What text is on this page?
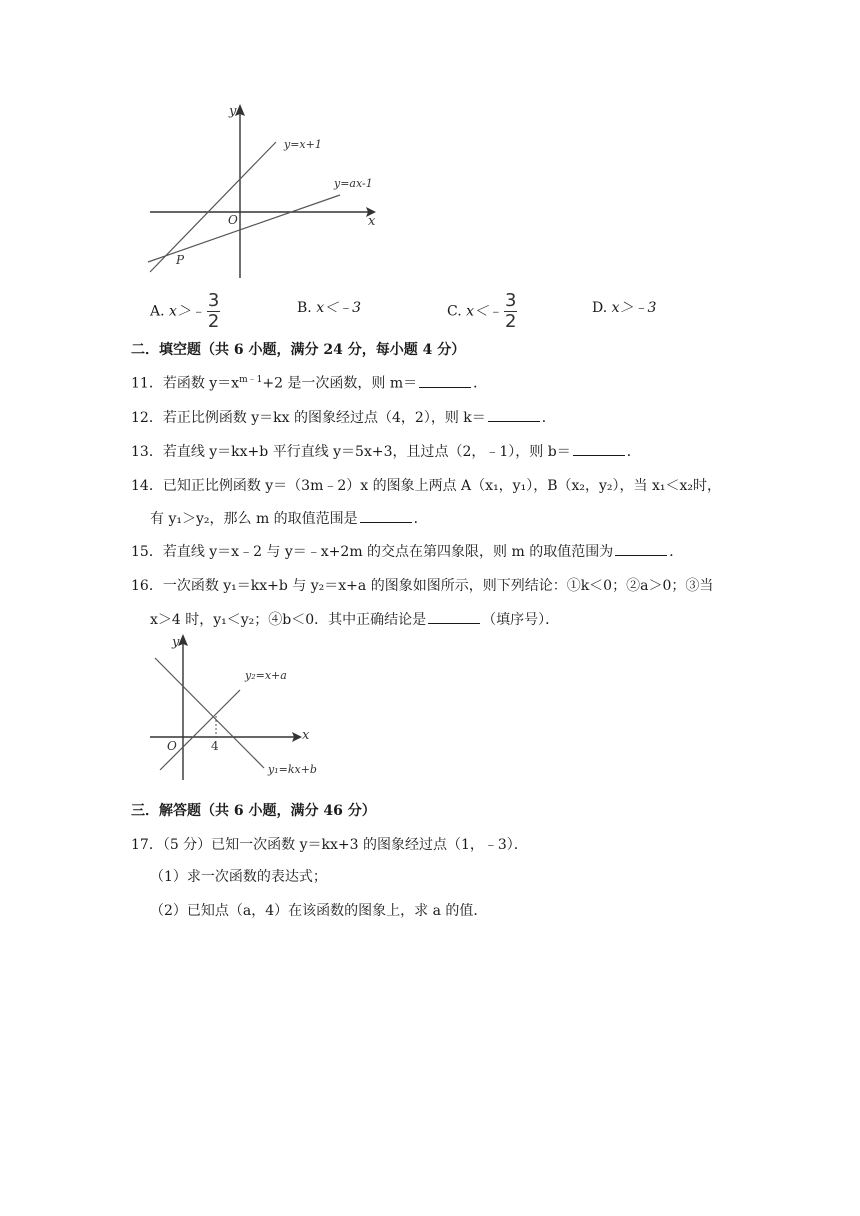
y
x
O
P
y=x+1
y=ax-1
A. x＞﹣ $\frac{3}{2}$	B. x＜﹣3	C. x＜﹣ $\frac{3}{2}$	D. x＞﹣3
二．填空题（共 6 小题，满分 24 分，每小题 4 分）
11．若函数 $y=x^{m﹣1}+2$ 是一次函数，则 m＝	．
12．若正比例函数 y＝kx 的图象经过点（4，2），则 k＝	．
13．若直线 y＝kx+b 平行直线 y＝5x+3，且过点（2，﹣1），则 b＝	．
14．已知正比例函数 y＝（3m﹣2）x 的图象上两点 A（x₁，y₁），B（x₂，y₂），当 x₁＜x₂时，
有 y₁＞y₂，那么 m 的取值范围是	．
15．若直线 y＝x﹣2 与 y＝﹣x+2m 的交点在第四象限，则 m 的取值范围为	．
16．一次函数 y₁＝kx+b 与 y₂＝x+a 的图象如图所示，则下列结论：①k＜0；②a＞0；③当
x＞4 时，y₁＜y₂；④b＜0．其中正确结论是	（填序号）．
y
x
O	4
y₂=x+a
y₁=kx+b
三．解答题（共 6 小题，满分 46 分）
17．（5 分）已知一次函数 y＝kx+3 的图象经过点（1，﹣3）．
（1）求一次函数的表达式；
（2）已知点（a，4）在该函数的图象上，求 a 的值．
